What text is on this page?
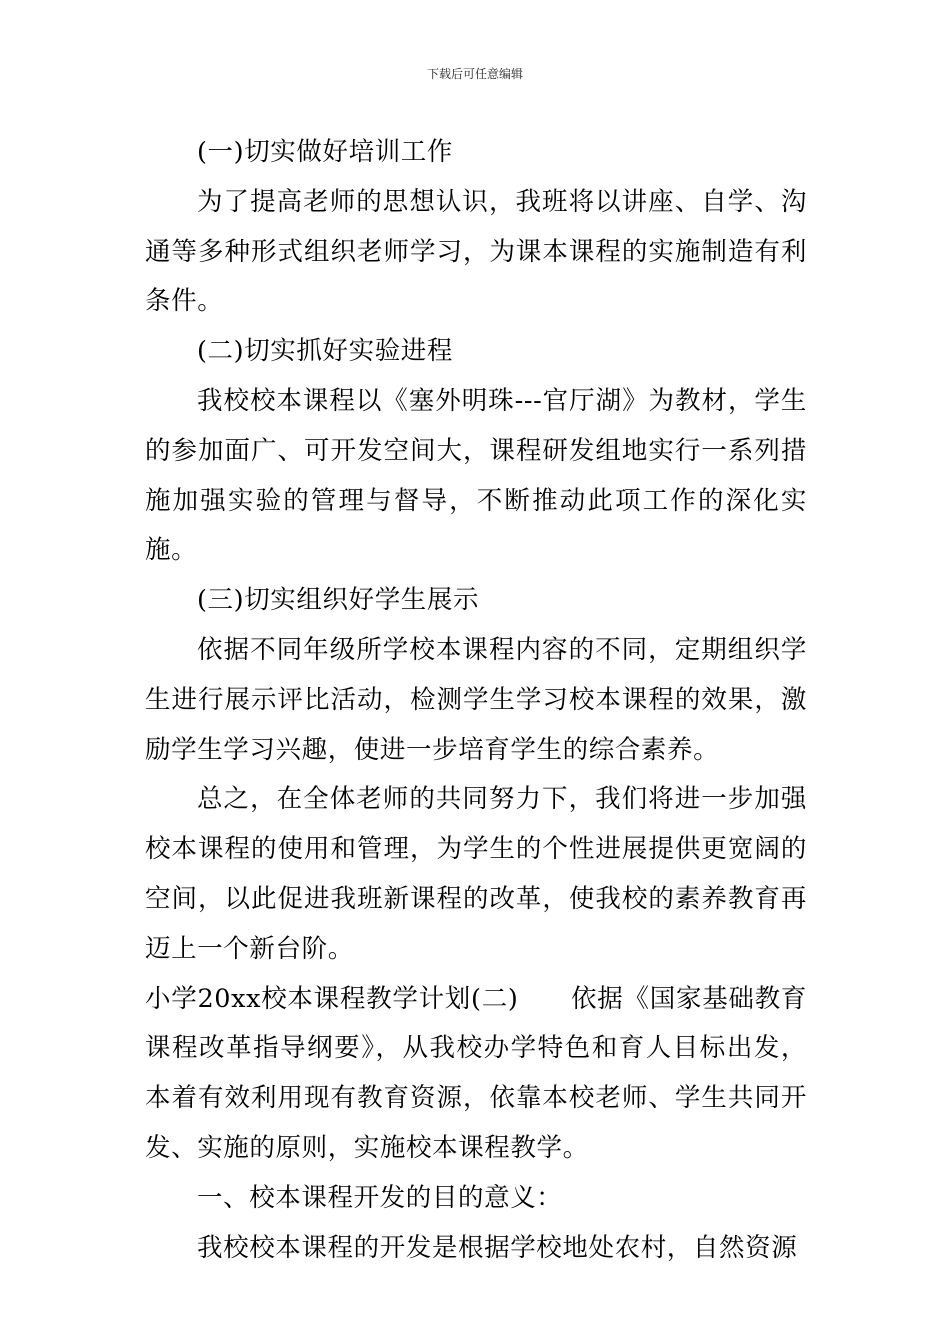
下载后可任意编辑

(一)切实做好培训工作

为了提高老师的思想认识，我班将以讲座、自学、沟通等多种形式组织老师学习，为课本课程的实施制造有利条件。

(二)切实抓好实验进程

我校校本课程以《塞外明珠---官厅湖》为教材，学生的参加面广、可开发空间大，课程研发组地实行一系列措施加强实验的管理与督导，不断推动此项工作的深化实施。

(三)切实组织好学生展示

依据不同年级所学校本课程内容的不同，定期组织学生进行展示评比活动，检测学生学习校本课程的效果，激励学生学习兴趣，使进一步培育学生的综合素养。

总之，在全体老师的共同努力下，我们将进一步加强校本课程的使用和管理，为学生的个性进展提供更宽阔的空间，以此促进我班新课程的改革，使我校的素养教育再迈上一个新台阶。

小学20xx校本课程教学计划(二)　　依据《国家基础教育课程改革指导纲要》，从我校办学特色和育人目标出发，本着有效利用现有教育资源，依靠本校老师、学生共同开发、实施的原则，实施校本课程教学。

一、校本课程开发的目的意义：

我校校本课程的开发是根据学校地处农村，自然资源
